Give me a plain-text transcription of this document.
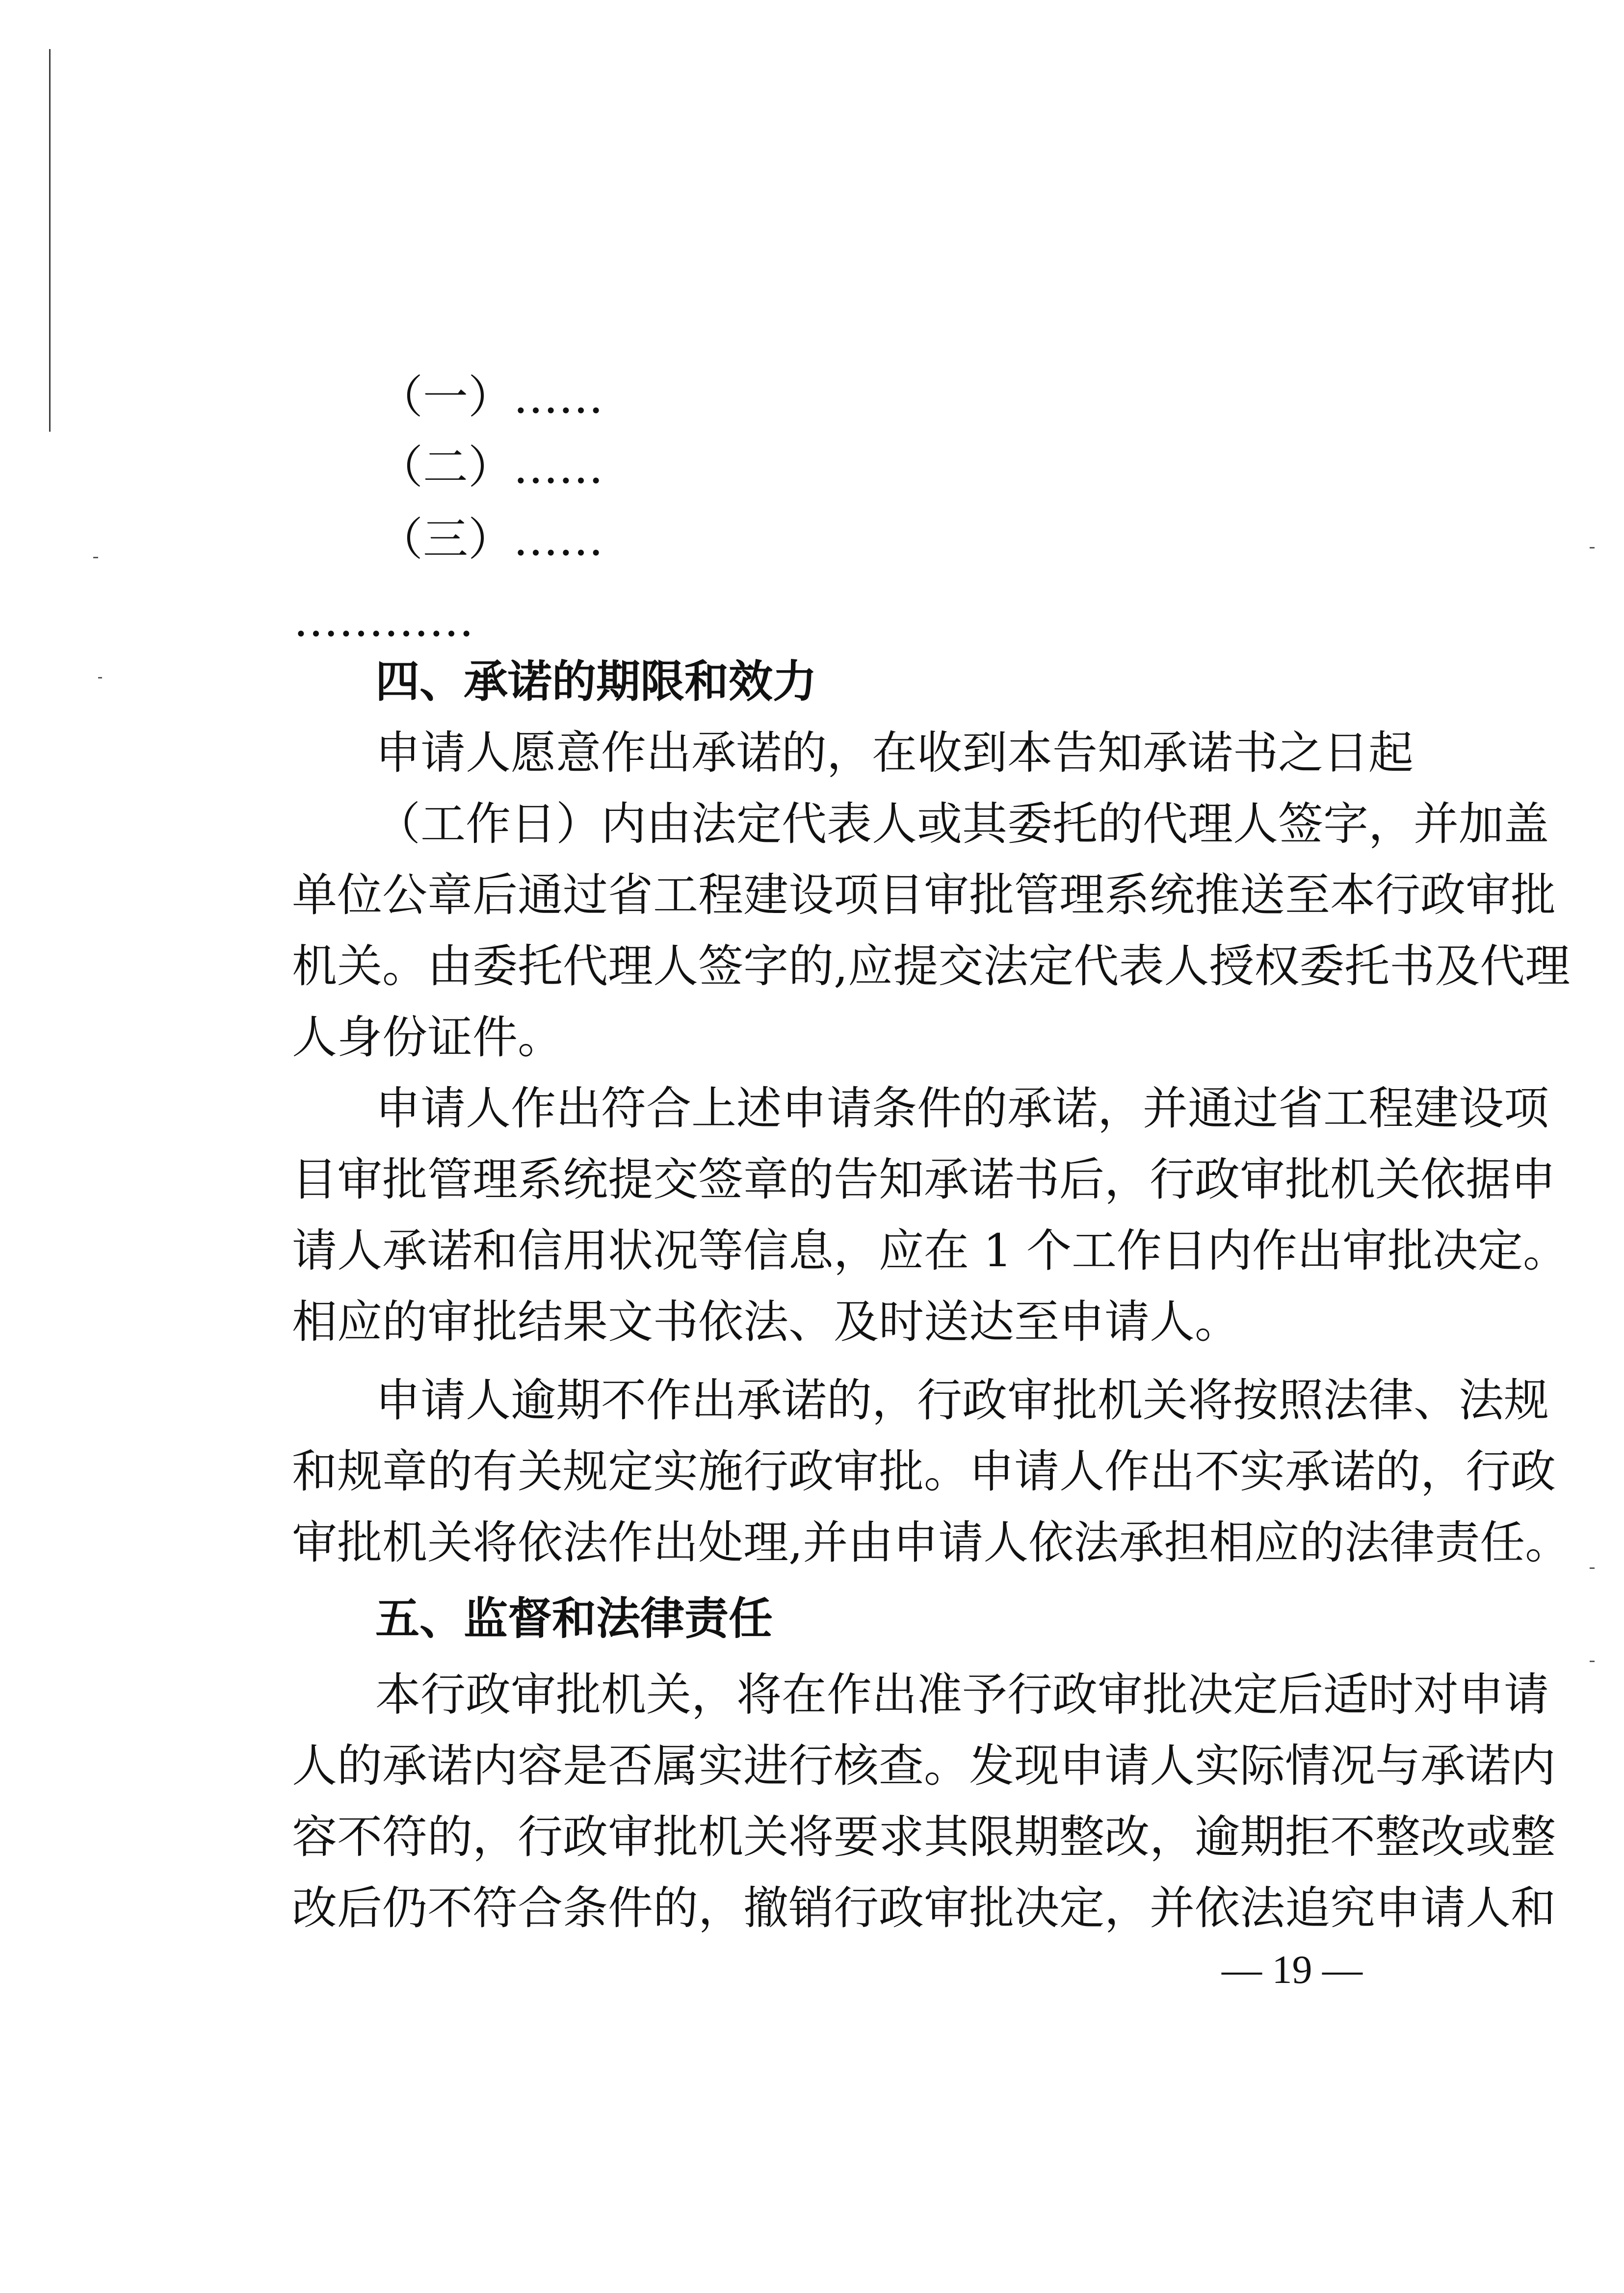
（一）……
（二）……
（三）……
…………
四、承诺的期限和效力
申请人愿意作出承诺的，在收到本告知承诺书之日起
（工作日）内由法定代表人或其委托的代理人签字，并加盖
单位公章后通过省工程建设项目审批管理系统推送至本行政审批
机关。由委托代理人签字的,应提交法定代表人授权委托书及代理
人身份证件。
申请人作出符合上述申请条件的承诺，并通过省工程建设项
目审批管理系统提交签章的告知承诺书后，行政审批机关依据申
请人承诺和信用状况等信息，应在 1 个工作日内作出审批决定。
相应的审批结果文书依法、及时送达至申请人。
申请人逾期不作出承诺的，行政审批机关将按照法律、法规
和规章的有关规定实施行政审批。申请人作出不实承诺的，行政
审批机关将依法作出处理,并由申请人依法承担相应的法律责任。
五、监督和法律责任
本行政审批机关，将在作出准予行政审批决定后适时对申请
人的承诺内容是否属实进行核查。发现申请人实际情况与承诺内
容不符的，行政审批机关将要求其限期整改，逾期拒不整改或整
改后仍不符合条件的，撤销行政审批决定，并依法追究申请人和
— 19 —
